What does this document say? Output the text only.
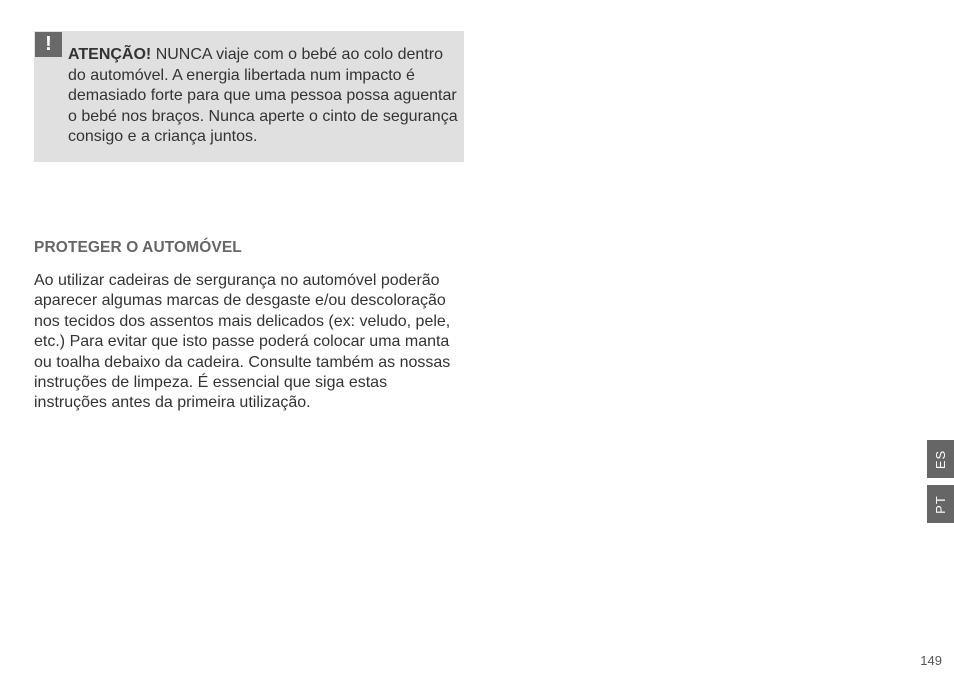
!	ATENÇÃO! NUNCA viaje com o bebé ao colo dentro do automóvel. A energia libertada num impacto é demasiado forte para que uma pessoa possa aguentar o bebé nos braços. Nunca aperte o cinto de segurança consigo e a criança juntos.
PROTEGER O AUTOMÓVEL

Ao utilizar cadeiras de sergurança no automóvel poderão aparecer algumas marcas de desgaste e/ou descoloração nos tecidos dos assentos mais delicados (ex: veludo, pele, etc.) Para evitar que isto passe poderá colocar uma manta ou toalha debaixo da cadeira. Consulte também as nossas instruções de limpeza. É essencial que siga estas instruções antes da primeira utilização.

ES
PT
149
